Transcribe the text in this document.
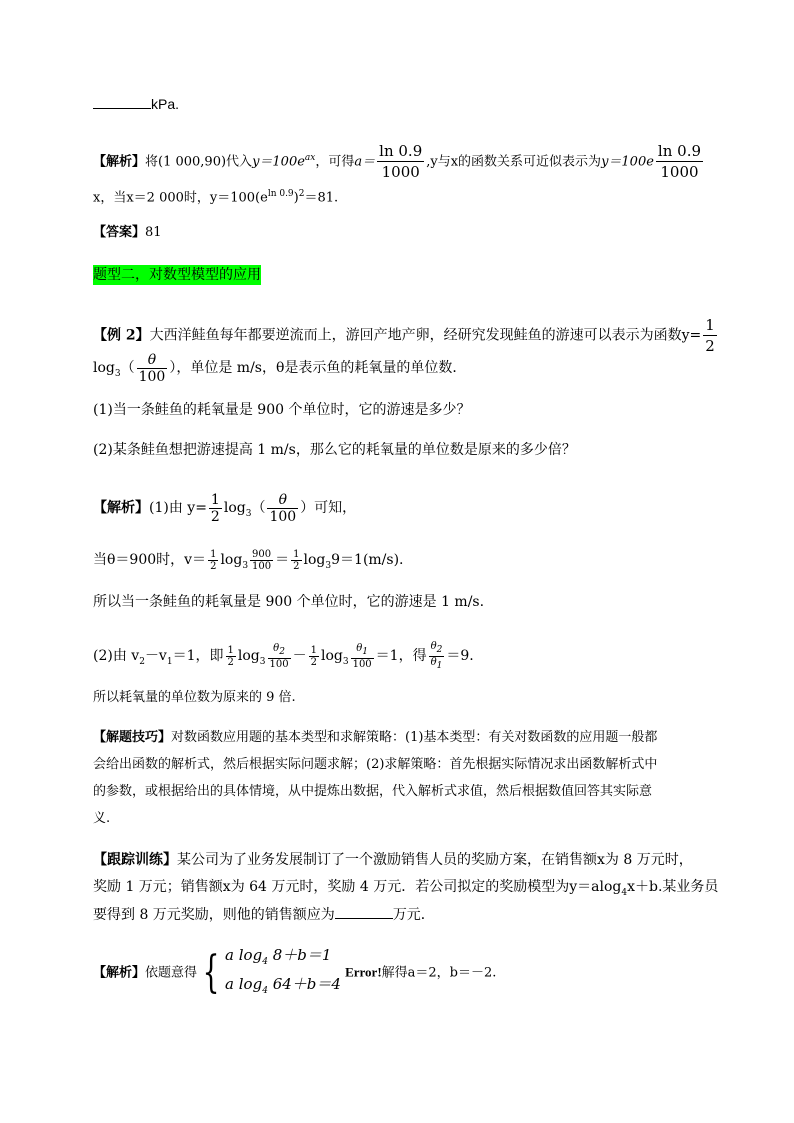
kPa.
【解析】将(1 000,90)代入$y=100e^{ax}$，可得$a= \frac{\ln 0.9}{1000} ,y$与x的函数关系可近似表示为$y=100e \frac{\ln 0.9}{1000}$
x，当x＝2 000时，$y=100(e^{ln 0.9})^2=81$.
【答案】81
题型二，对数型模型的应用
【例 2】大西洋鲑鱼每年都要逆流而上，游回产地产卵，经研究发现鲑鱼的游速可以表示为函数$y= \frac{1}{2}$
$\log_3( \frac{\theta}{100}$ ），单位是 m/s，θ是表示鱼的耗氧量的单位数．
(1)当一条鲑鱼的耗氧量是 900 个单位时，它的游速是多少？
(2)某条鲑鱼想把游速提高 1 m/s，那么它的耗氧量的单位数是原来的多少倍？
【解析】(1)由 $y= \frac{1}{2} \log_3( \frac{\theta}{100}$ ）可知，
当θ＝900时，$v= \frac{1}{2} \log_3 \frac{900}{100} = \frac{1}{2} \log_39=1(m/s)$.
所以当一条鲑鱼的耗氧量是 900 个单位时，它的游速是 1 m/s.
(2)由 $v_2-v_1=1$，即 $\frac{1}{2} \log_3 \frac{\theta_2}{100} - \frac{1}{2} \log_3 \frac{\theta_1}{100} =1$，得 $\frac{\theta_2}{\theta_1} =9$.
所以耗氧量的单位数为原来的 9 倍.
【解题技巧】对数函数应用题的基本类型和求解策略：(1)基本类型：有关对数函数的应用题一般都
会给出函数的解析式，然后根据实际问题求解；(2)求解策略：首先根据实际情况求出函数解析式中
的参数，或根据给出的具体情境，从中提炼出数据，代入解析式求值，然后根据数值回答其实际意
义.
【跟踪训练】某公司为了业务发展制订了一个激励销售人员的奖励方案，在销售额x为 8 万元时，
奖励 1 万元；销售额x为 64 万元时，奖励 4 万元．若公司拟定的奖励模型为y＝alog$_4$x＋b.某业务员
要得到 8 万元奖励，则他的销售额应为	万元．
【解析】依题意得 { a $\log_4 8+b=1$
a $\log_4 64+b=4$
Error!解得a＝2，b＝－2.
